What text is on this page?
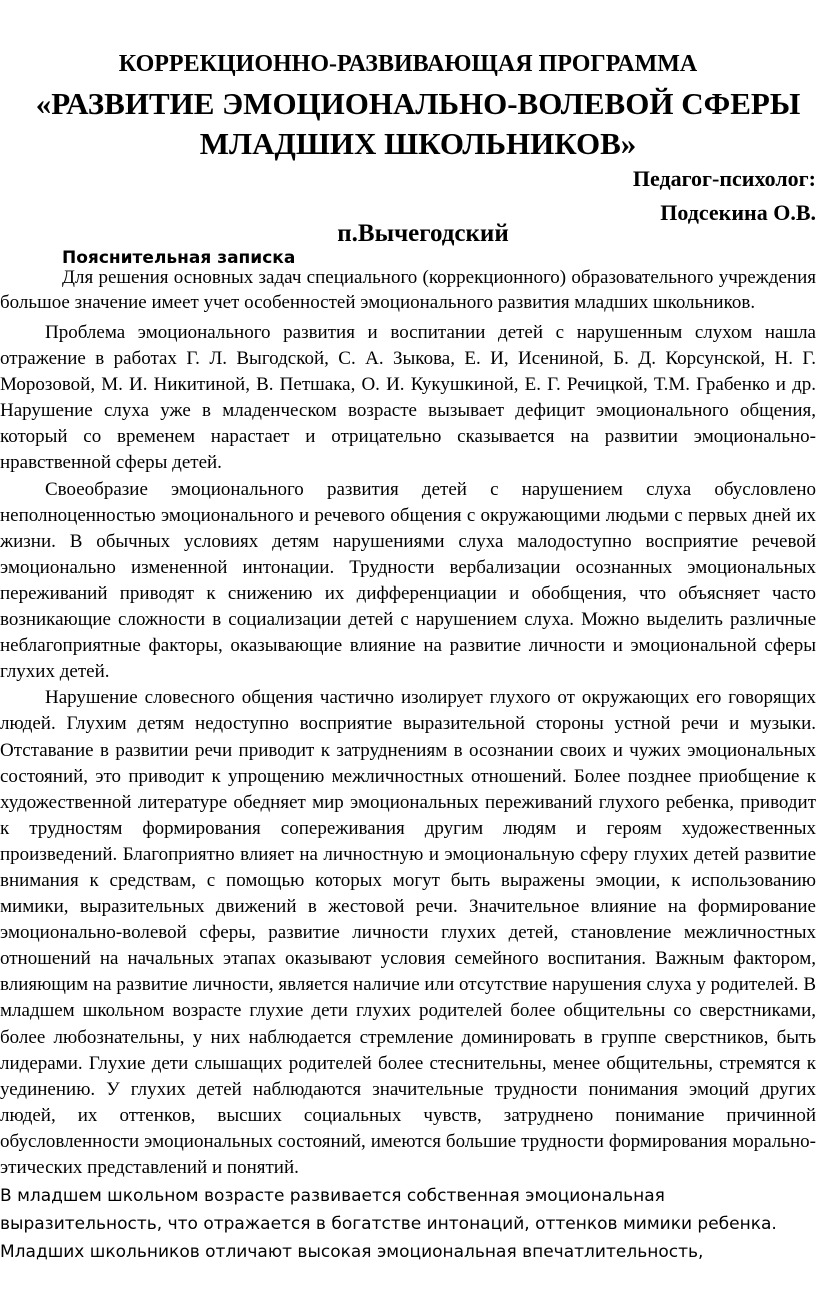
КОРРЕКЦИОННО-РАЗВИВАЮЩАЯ ПРОГРАММА
«РАЗВИТИЕ ЭМОЦИОНАЛЬНО-ВОЛЕВОЙ СФЕРЫ МЛАДШИХ ШКОЛЬНИКОВ»
Педагог-психолог:
Подсекина О.В.
п.Вычегодский
Пояснительная записка

Для решения основных задач специального (коррекционного) образовательного учреждения большое значение имеет учет особенностей эмоционального развития младших школьников.

Проблема эмоционального развития и воспитании детей с нарушенным слухом нашла отражение в работах Г. Л. Выгодской, С. А. Зыкова, Е. И, Исениной, Б. Д. Корсунской, Н. Г. Морозовой, М. И. Никитиной, В. Петшака, О. И. Кукушкиной, Е. Г. Речицкой, Т.М. Грабенко и др. Нарушение слуха уже в младенческом возрасте вызывает дефицит эмоционального общения, который со временем нарастает и отрицательно сказывается на развитии эмоционально-нравственной сферы детей.

Своеобразие эмоционального развития детей с нарушением слуха обусловлено неполноценностью эмоционального и речевого общения с окружающими людьми с первых дней их жизни. В обычных условиях детям нарушениями слуха малодоступно восприятие речевой эмоционально измененной интонации. Трудности вербализации осознанных эмоциональных переживаний приводят к снижению их дифференциации и обобщения, что объясняет часто возникающие сложности в социализации детей с нарушением слуха. Можно выделить различные неблагоприятные факторы, оказывающие влияние на развитие личности и эмоциональной сферы глухих детей.

Нарушение словесного общения частично изолирует глухого от окружающих его говорящих людей. Глухим детям недоступно восприятие выразительной стороны устной речи и музыки. Отставание в развитии речи приводит к затруднениям в осознании своих и чужих эмоциональных состояний, это приводит к упрощению межличностных отношений. Более позднее приобщение к художественной литературе обедняет мир эмоциональных переживаний глухого ребенка, приводит к трудностям формирования сопереживания другим людям и героям художественных произведений. Благоприятно влияет на личностную и эмоциональную сферу глухих детей развитие внимания к средствам, с помощью которых могут быть выражены эмоции, к использованию мимики, выразительных движений в жестовой речи. Значительное влияние на формирование эмоционально-волевой сферы, развитие личности глухих детей, становление межличностных отношений на начальных этапах оказывают условия семейного воспитания. Важным фактором, влияющим на развитие личности, является наличие или отсутствие нарушения слуха у родителей. В младшем школьном возрасте глухие дети глухих родителей более общительны со сверстниками, более любознательны, у них наблюдается стремление доминировать в группе сверстников, быть лидерами. Глухие дети слышащих родителей более стеснительны, менее общительны, стремятся к уединению. У глухих детей наблюдаются значительные трудности понимания эмоций других людей, их оттенков, высших социальных чувств, затруднено понимание причинной обусловленности эмоциональных состояний, имеются большие трудности формирования морально-этических представлений и понятий.

В младшем школьном возрасте развивается собственная эмоциональная выразительность, что отражается в богатстве интонаций, оттенков мимики ребенка. Младших школьников отличают высокая эмоциональная впечатлительность,
